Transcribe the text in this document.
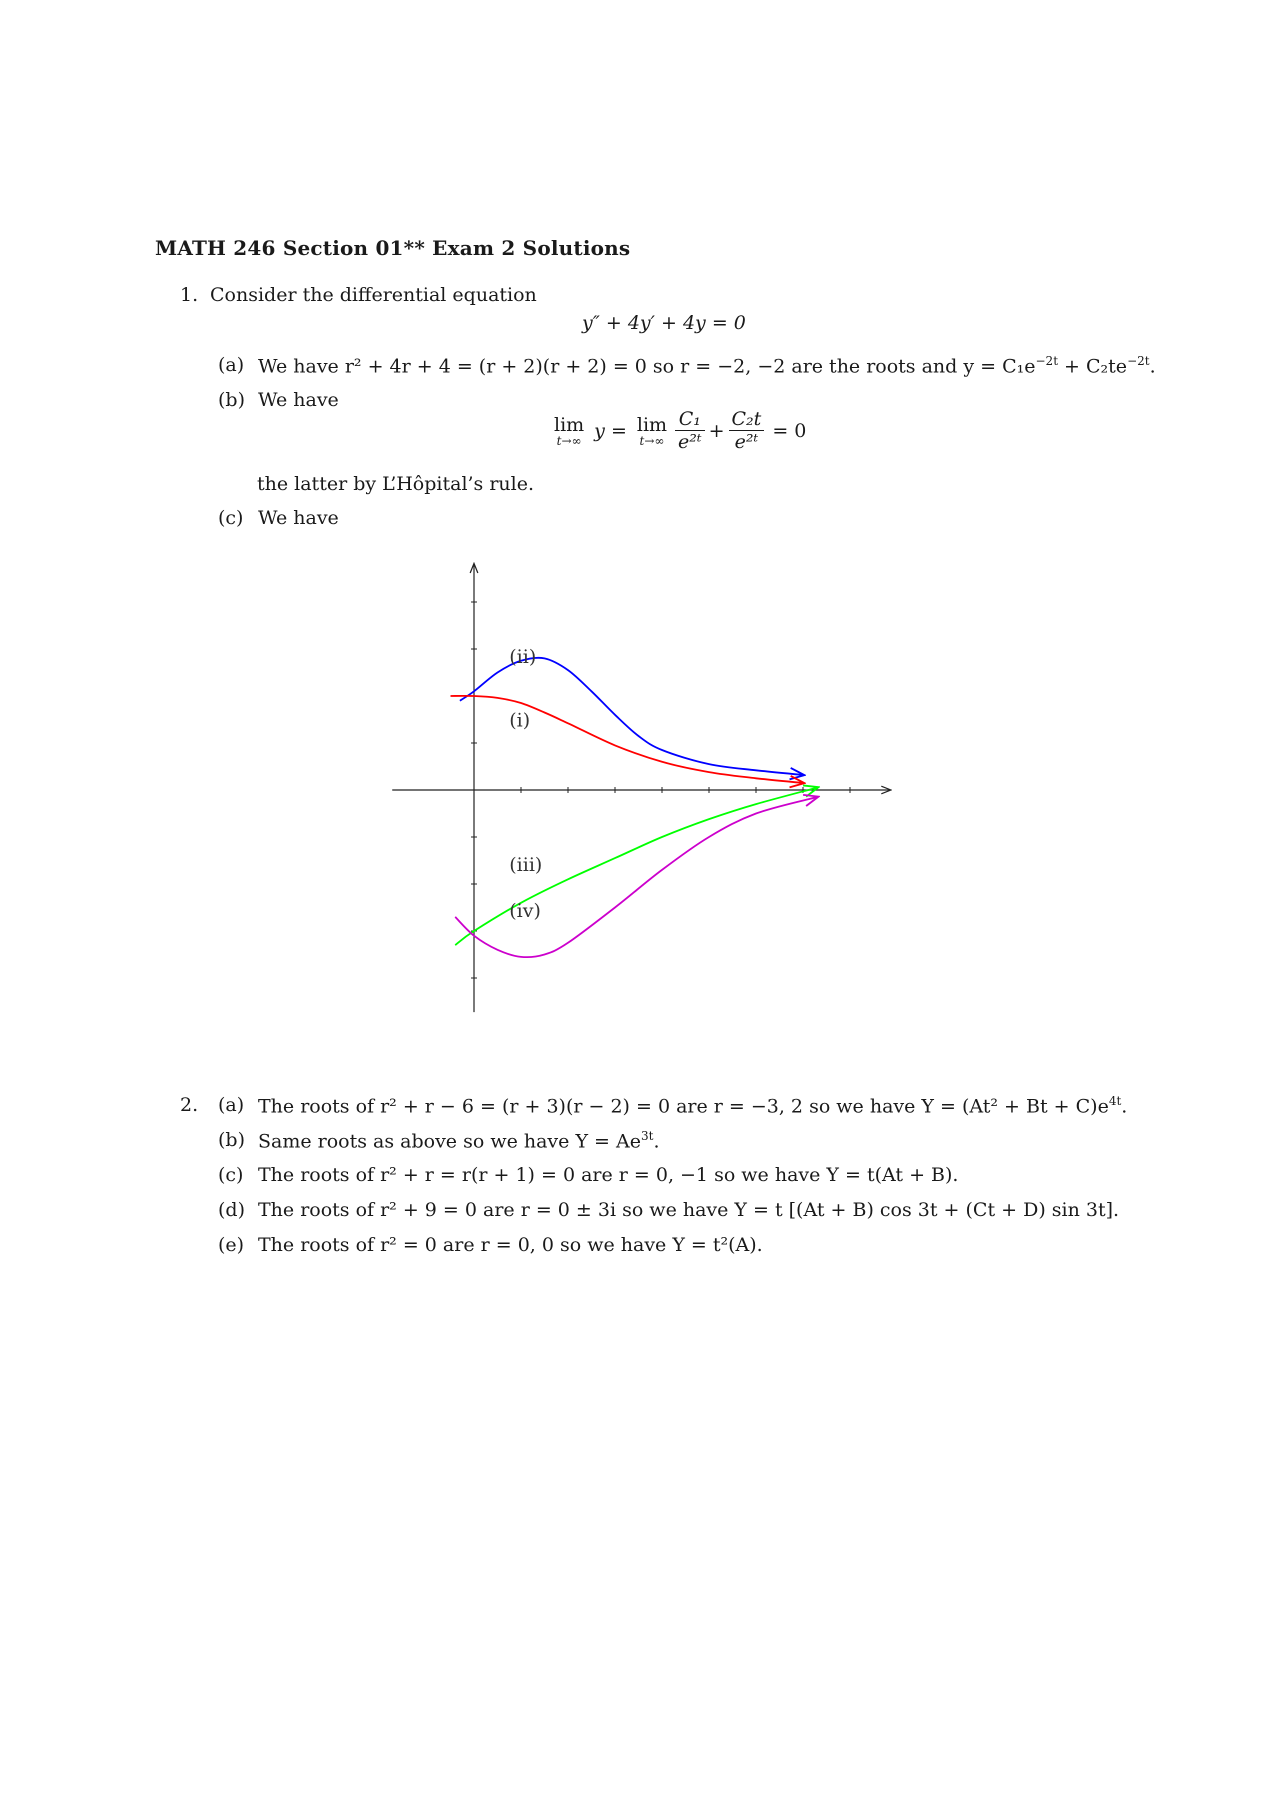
MATH 246 Section 01** Exam 2 Solutions
1. Consider the differential equation
y″ + 4y′ + 4y = 0
(a) We have r² + 4r + 4 = (r + 2)(r + 2) = 0 so r = −2, −2 are the roots and $y = C_1e^{-2t} + C_2te^{-2t}$.
(b) We have
lim
t→∞ y = lim
$t\to\infty \frac{\text{C₁}}{\text{e²ᵗ}} + \frac{\text{C₂t}}{\text{e²ᵗ}} = 0$
the latter by L’Hôpital’s rule.
(c) We have
(ii)
(i)
(iii)
(iv)
2. (a) The roots of r² + r − 6 = (r + 3)(r − 2) = 0 are r = −3, 2 so we have $Y = (At^2 + Bt + C)e^{4t}$.
(b) Same roots as above so we have $Y = Ae^{3t}$.
(c) The roots of r² + r = r(r + 1) = 0 are r = 0, −1 so we have Y = t(At + B).
(d) The roots of r² + 9 = 0 are r = 0 ± 3i so we have Y = t [(At + B) cos 3t + (Ct + D) sin 3t].
(e) The roots of r² = 0 are r = 0, 0 so we have Y = t²(A).
